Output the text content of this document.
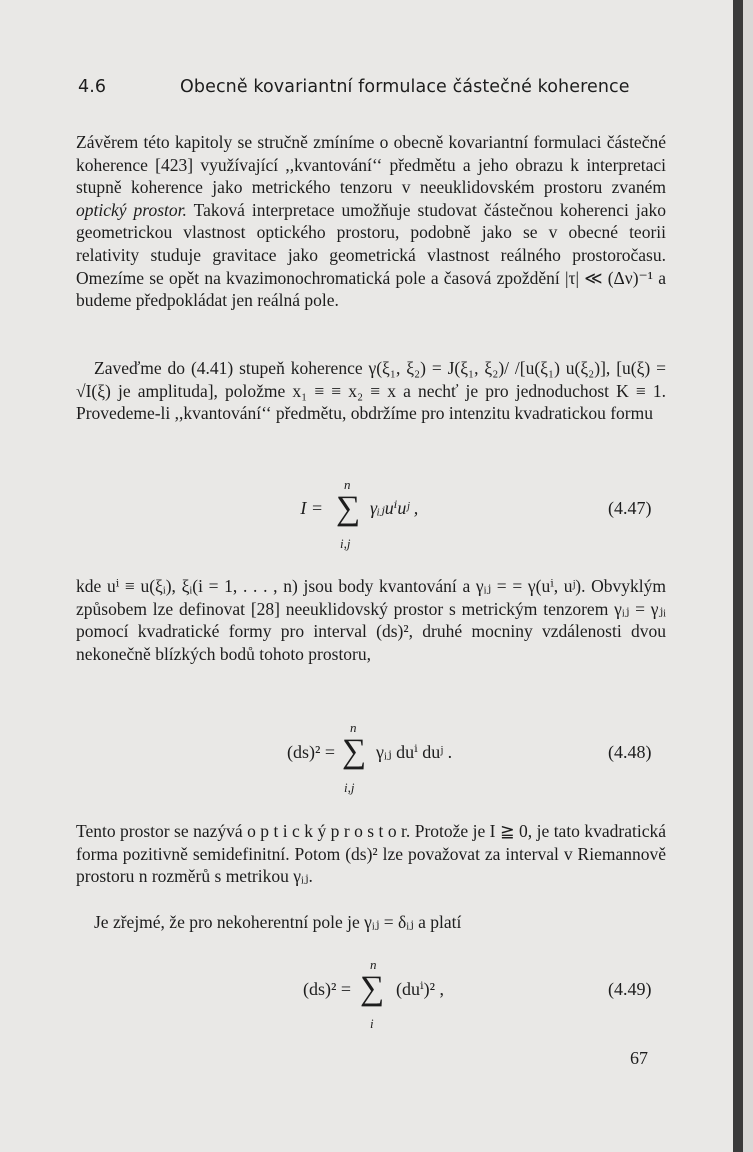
4.6	Obecně kovariantní formulace částečné koherence
Závěrem této kapitoly se stručně zmíníme o obecně kovariantní formulaci částečné koherence [423] využívající ,,kvantování‘‘ předmětu a jeho obrazu k interpretaci stupně koherence jako metrického tenzoru v neeuklidovském prostoru zvaném optický prostor. Taková interpretace umožňuje studovat částečnou koherenci jako geometrickou vlastnost optického prostoru, podobně jako se v obecné teorii relativity studuje gravitace jako geometrická vlastnost reálného prostoročasu. Omezíme se opět na kvazimonochromatická pole a časová zpoždění |τ| ≪ (Δν)⁻¹ a budeme předpokládat jen reálná pole.
Zaveďme do (4.41) stupeň koherence γ(ξ₁, ξ₂) = J(ξ₁, ξ₂)/ /[u(ξ₁) u(ξ₂)], [u(ξ) = √I(ξ) je amplituda], položme x₁ ≡ ≡ x₂ ≡ x a nechť je pro jednoduchost K ≡ 1. Provedeme-li ,,kvantování‘‘ předmětu, obdržíme pro intenzitu kvadratickou formu
I =
n
∑
i,j
γᵢⱼuⁱuʲ ,	(4.47)
kde uⁱ ≡ u(ξᵢ), ξᵢ(i = 1, . . . , n) jsou body kvantování a γᵢⱼ = = γ(uⁱ, uʲ). Obvyklým způsobem lze definovat [28] neeuklidovský prostor s metrickým tenzorem γᵢⱼ = γⱼᵢ pomocí kvadratické formy pro interval (ds)², druhé mocniny vzdálenosti dvou nekonečně blízkých bodů tohoto prostoru,
(ds)² =
n
∑
i,j
γᵢⱼ duⁱ duʲ .	(4.48)
Tento prostor se nazývá o p t i c k ý p r o s t o r. Protože je I ≧ 0, je tato kvadratická forma pozitivně semidefinitní. Potom (ds)² lze považovat za interval v Riemannově prostoru n rozměrů s metrikou γᵢⱼ.
Je zřejmé, že pro nekoherentní pole je γᵢⱼ = δᵢⱼ a platí
(ds)² =
n
∑
i
(duⁱ)² ,	(4.49)
67
